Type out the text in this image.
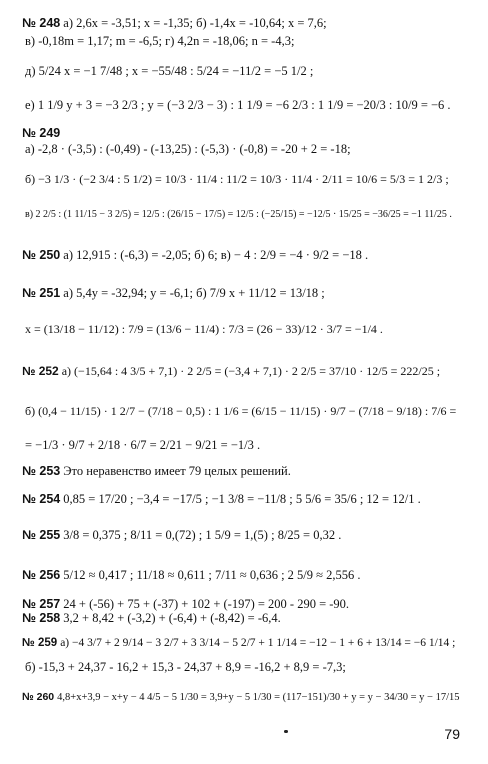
№ 248 а) 2,6x = -3,51; x = -1,35; б) -1,4x = -10,64; x = 7,6;
в) -0,18m = 1,17; m = -6,5; г) 4,2n = -18,06; n = -4,3;
д) 5/24 x = −1 7/48 ; x = −55/48 : 5/24 = −11/2 = −5 1/2 ;
е) 1 1/9 y + 3 = −3 2/3 ; y = (−3 2/3 − 3) : 1 1/9 = −6 2/3 : 1 1/9 = −20/3 : 10/9 = −6 .
№ 249
а) -2,8 · (-3,5) : (-0,49) - (-13,25) : (-5,3) · (-0,8) = -20 + 2 = -18;
б) −3 1/3 · (−2 3/4 : 5 1/2) = 10/3 · 11/4 : 11/2 = 10/3 · 11/4 · 2/11 = 10/6 = 5/3 = 1 2/3 ;
в) 2 2/5 : (1 11/15 − 3 2/5) = 12/5 : (26/15 − 17/5) = 12/5 : (−25/15) = −12/5 · 15/25 = −36/25 = −1 11/25 .
№ 250 а) 12,915 : (-6,3) = -2,05; б) 6; в) − 4 : 2/9 = −4 · 9/2 = −18 .
№ 251 а) 5,4y = -32,94; y = -6,1; б) 7/9 x + 11/12 = 13/18 ;
x = (13/18 − 11/12) : 7/9 = (13/6 − 11/4) : 7/3 = (26 − 33)/12 · 3/7 = −1/4 .
№ 252 а) (−15,64 : 4 3/5 + 7,1) · 2 2/5 = (−3,4 + 7,1) · 2 2/5 = 37/10 · 12/5 = 222/25 ;
б) (0,4 − 11/15) · 1 2/7 − (7/18 − 0,5) : 1 1/6 = (6/15 − 11/15) · 9/7 − (7/18 − 9/18) : 7/6 =
= −1/3 · 9/7 + 2/18 · 6/7 = 2/21 − 9/21 = −1/3 .
№ 253 Это неравенство имеет 79 целых решений.
№ 254 0,85 = 17/20 ; −3,4 = −17/5 ; −1 3/8 = −11/8 ; 5 5/6 = 35/6 ; 12 = 12/1 .
№ 255 3/8 = 0,375 ; 8/11 = 0,(72) ; 1 5/9 = 1,(5) ; 8/25 = 0,32 .
№ 256 5/12 ≈ 0,417 ; 11/18 ≈ 0,611 ; 7/11 ≈ 0,636 ; 2 5/9 ≈ 2,556 .
№ 257 24 + (-56) + 75 + (-37) + 102 + (-197) = 200 - 290 = -90.
№ 258 3,2 + 8,42 + (-3,2) + (-6,4) + (-8,42) = -6,4.
№ 259 а) −4 3/7 + 2 9/14 − 3 2/7 + 3 3/14 − 5 2/7 + 1 1/14 = −12 − 1 + 6 + 13/14 = −6 1/14 ;
б) -15,3 + 24,37 - 16,2 + 15,3 - 24,37 + 8,9 = -16,2 + 8,9 = -7,3;
№ 260 4,8+x+3,9 − x+y − 4 4/5 − 5 1/30 = 3,9+y − 5 1/30 = (117−151)/30 + y = y − 34/30 = y − 17/15
79
